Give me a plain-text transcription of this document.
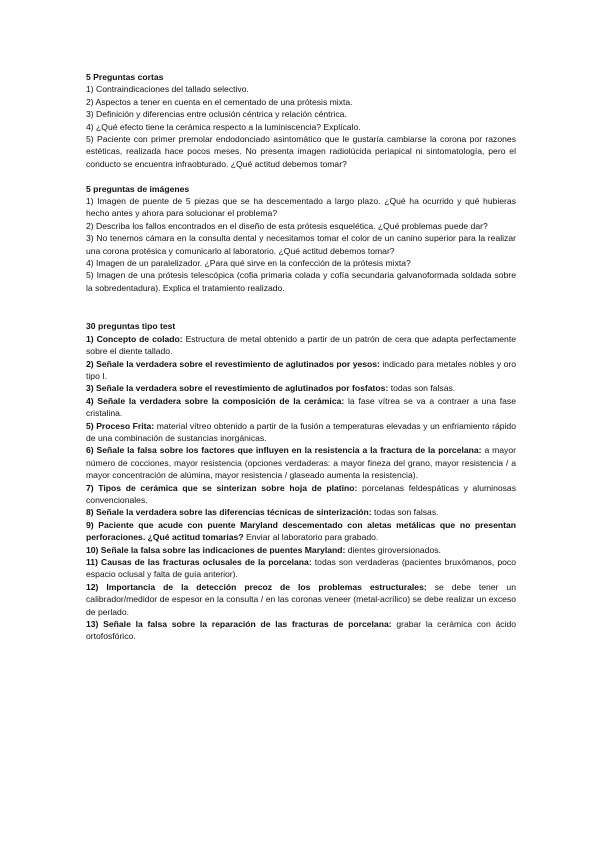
5 Preguntas cortas

1) Contraindicaciones del tallado selectivo.

2) Aspectos a tener en cuenta en el cementado de una prótesis mixta.

3) Definición y diferencias entre oclusión céntrica y relación céntrica.

4) ¿Qué efecto tiene la cerámica respecto a la luminiscencia? Explícalo.

5) Paciente con primer premolar endodonciado asintomático que le gustaría cambiarse la corona por razones estéticas, realizada hace pocos meses. No presenta imagen radiolúcida periapical ni sintomatología, pero el conducto se encuentra infraobturado. ¿Qué actitud debemos tomar?

5 preguntas de imágenes

1) Imagen de puente de 5 piezas que se ha descementado a largo plazo. ¿Qué ha ocurrido y qué hubieras hecho antes y ahora para solucionar el problema?

2) Describa los fallos encontrados en el diseño de esta prótesis esquelética. ¿Qué problemas puede dar?

3) No tenemos cámara en la consulta dental y necesitamos tomar el color de un canino superior para la realizar una corona protésica y comunicarlo al laboratorio. ¿Qué actitud debemos tomar?

4) Imagen de un paralelizador. ¿Para qué sirve en la confección de la prótesis mixta?

5) Imagen de una prótesis telescópica (cofia primaria colada y cofía secundaria galvanoformada soldada sobre la sobredentadura). Explica el tratamiento realizado.

30 preguntas tipo test

1) Concepto de colado: Estructura de metal obtenido a partir de un patrón de cera que adapta perfectamente sobre el diente tallado.

2) Señale la verdadera sobre el revestimiento de aglutinados por yesos: indicado para metales nobles y oro tipo I.

3) Señale la verdadera sobre el revestimiento de aglutinados por fosfatos: todas son falsas.

4) Señale la verdadera sobre la composición de la cerámica: la fase vítrea se va a contraer a una fase cristalina.

5) Proceso Frita: material vítreo obtenido a partir de la fusión a temperaturas elevadas y un enfriamiento rápido de una combinación de sustancias inorgánicas.

6) Señale la falsa sobre los factores que influyen en la resistencia a la fractura de la porcelana: a mayor número de cocciones, mayor resistencia (opciones verdaderas: a mayor fineza del grano, mayor resistencia / a mayor concentración de alúmina, mayor resistencia / glaseado aumenta la resistencia).

7) Tipos de cerámica que se sinterizan sobre hoja de platino: porcelanas feldespáticas y aluminosas convencionales.

8) Señale la verdadera sobre las diferencias técnicas de sinterización: todas son falsas.

9) Paciente que acude con puente Maryland descementado con aletas metálicas que no presentan perforaciones. ¿Qué actitud tomarías? Enviar al laboratorio para grabado.

10) Señale la falsa sobre las indicaciones de puentes Maryland: dientes giroversionados.

11) Causas de las fracturas oclusales de la porcelana: todas son verdaderas (pacientes bruxómanos, poco espacio oclusal y falta de guía anterior).

12) Importancia de la detección precoz de los problemas estructurales: se debe tener un calibrador/medidor de espesor en la consulta / en las coronas veneer (metal-acrílico) se debe realizar un exceso de perlado.

13) Señale la falsa sobre la reparación de las fracturas de porcelana: grabar la cerámica con ácido ortofosfórico.
